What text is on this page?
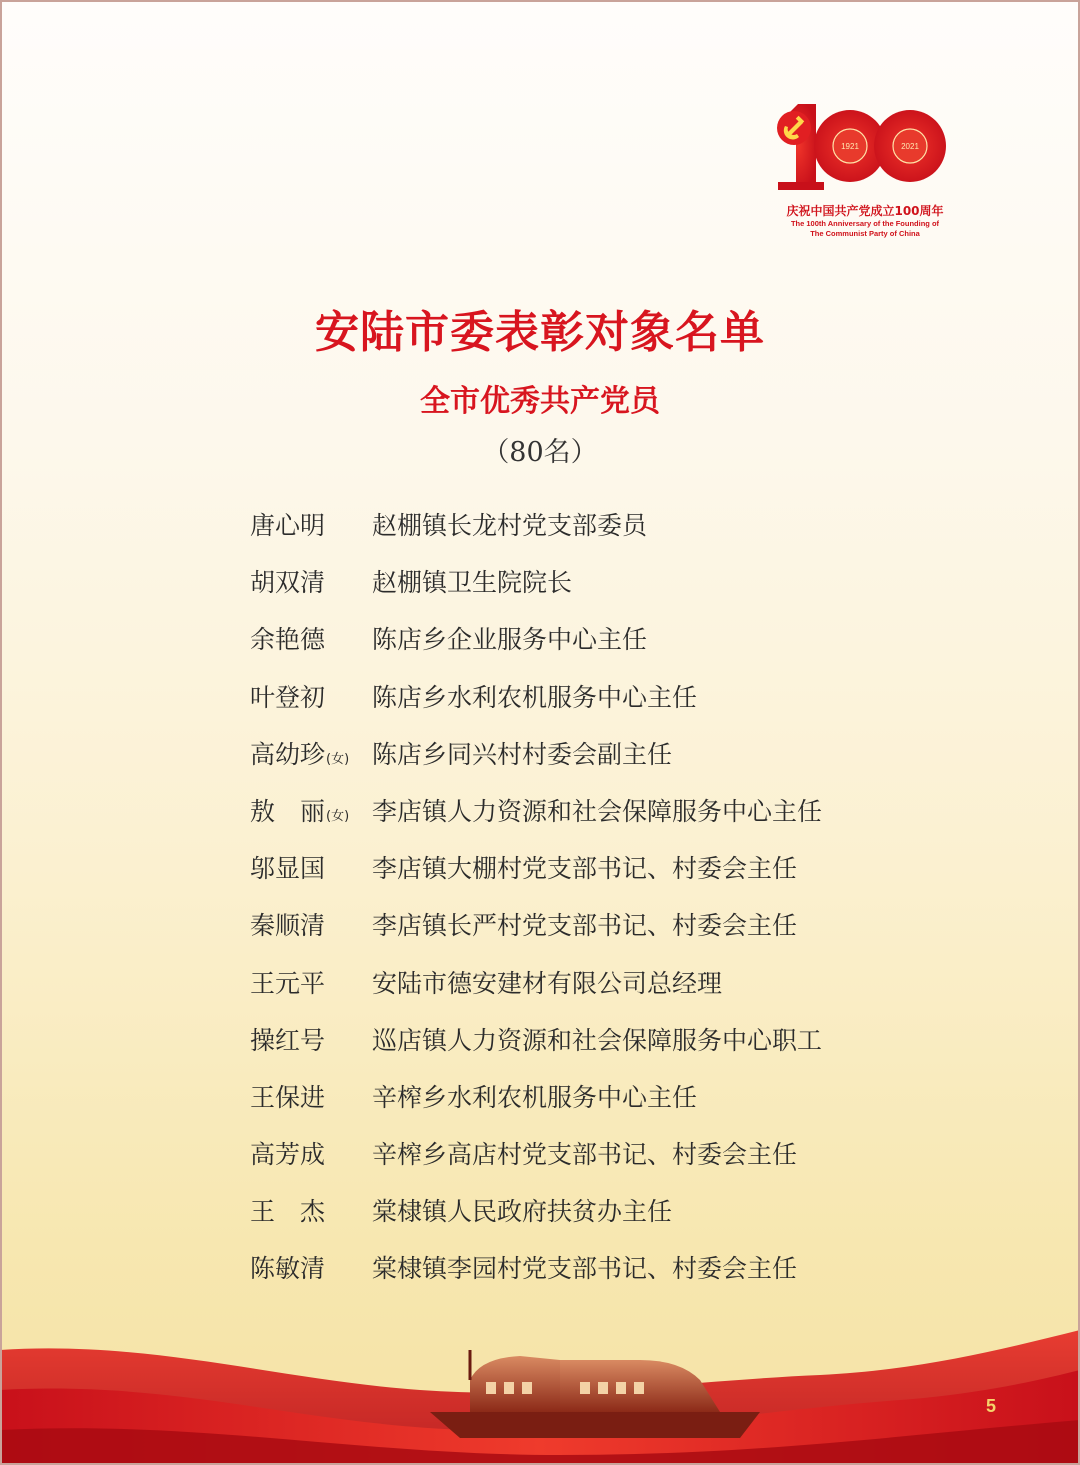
1921	2021
庆祝中国共产党成立100周年
The 100th Anniversary of the Founding of
The Communist Party of China
安陆市委表彰对象名单
全市优秀共产党员
（80名）
唐心明 赵棚镇长龙村党支部委员
胡双清 赵棚镇卫生院院长
余艳德 陈店乡企业服务中心主任
叶登初 陈店乡水利农机服务中心主任
高幼珍(女) 陈店乡同兴村村委会副主任
敖　丽(女) 李店镇人力资源和社会保障服务中心主任
邬显国 李店镇大棚村党支部书记、村委会主任
秦顺清 李店镇长严村党支部书记、村委会主任
王元平 安陆市德安建材有限公司总经理
操红号 巡店镇人力资源和社会保障服务中心职工
王保进 辛榨乡水利农机服务中心主任
高芳成 辛榨乡高店村党支部书记、村委会主任
王　杰 棠棣镇人民政府扶贫办主任
陈敏清 棠棣镇李园村党支部书记、村委会主任
5
